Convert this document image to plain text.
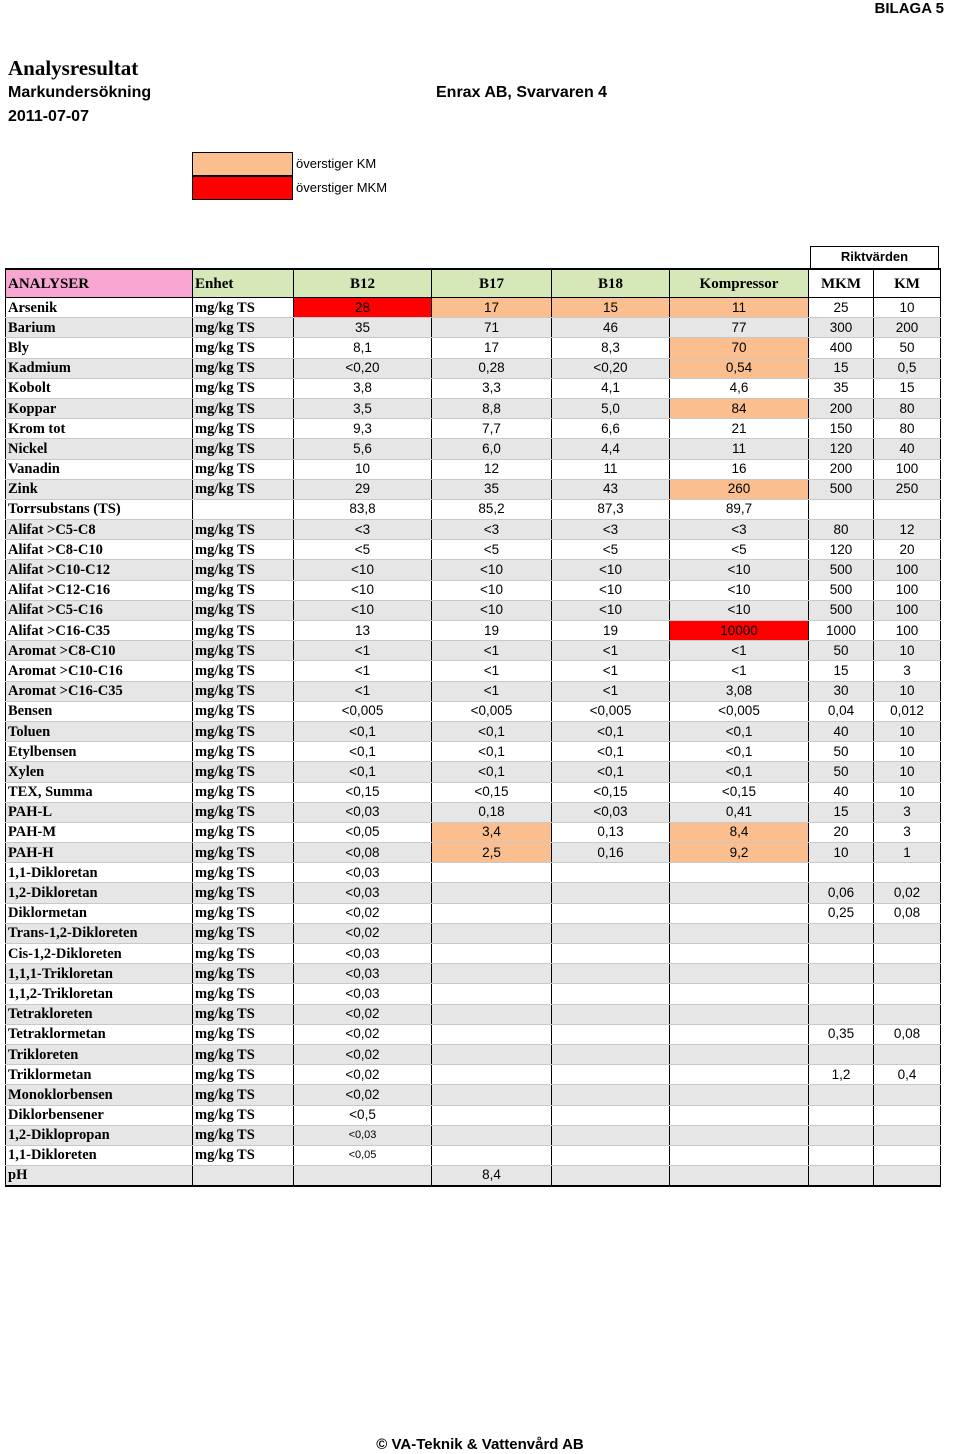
BILAGA 5
Analysresultat
Markundersökning	Enrax AB, Svarvaren 4
2011-07-07
överstiger KM
överstiger MKM
Riktvärden
ANALYSER	Enhet	B12	B17	B18	Kompressor	MKM	KM
Arsenik	mg/kg TS	28	17	15	11	25	10
Barium	mg/kg TS	35	71	46	77	300	200
Bly	mg/kg TS	8,1	17	8,3	70	400	50
Kadmium	mg/kg TS	<0,20	0,28	<0,20	0,54	15	0,5
Kobolt	mg/kg TS	3,8	3,3	4,1	4,6	35	15
Koppar	mg/kg TS	3,5	8,8	5,0	84	200	80
Krom tot	mg/kg TS	9,3	7,7	6,6	21	150	80
Nickel	mg/kg TS	5,6	6,0	4,4	11	120	40
Vanadin	mg/kg TS	10	12	11	16	200	100
Zink	mg/kg TS	29	35	43	260	500	250
Torrsubstans (TS)		83,8	85,2	87,3	89,7		
Alifat >C5-C8	mg/kg TS	<3	<3	<3	<3	80	12
Alifat >C8-C10	mg/kg TS	<5	<5	<5	<5	120	20
Alifat >C10-C12	mg/kg TS	<10	<10	<10	<10	500	100
Alifat >C12-C16	mg/kg TS	<10	<10	<10	<10	500	100
Alifat >C5-C16	mg/kg TS	<10	<10	<10	<10	500	100
Alifat >C16-C35	mg/kg TS	13	19	19	10000	1000	100
Aromat >C8-C10	mg/kg TS	<1	<1	<1	<1	50	10
Aromat >C10-C16	mg/kg TS	<1	<1	<1	<1	15	3
Aromat >C16-C35	mg/kg TS	<1	<1	<1	3,08	30	10
Bensen	mg/kg TS	<0,005	<0,005	<0,005	<0,005	0,04	0,012
Toluen	mg/kg TS	<0,1	<0,1	<0,1	<0,1	40	10
Etylbensen	mg/kg TS	<0,1	<0,1	<0,1	<0,1	50	10
Xylen	mg/kg TS	<0,1	<0,1	<0,1	<0,1	50	10
TEX, Summa	mg/kg TS	<0,15	<0,15	<0,15	<0,15	40	10
PAH-L	mg/kg TS	<0,03	0,18	<0,03	0,41	15	3
PAH-M	mg/kg TS	<0,05	3,4	0,13	8,4	20	3
PAH-H	mg/kg TS	<0,08	2,5	0,16	9,2	10	1
1,1-Dikloretan	mg/kg TS	<0,03					
1,2-Dikloretan	mg/kg TS	<0,03				0,06	0,02
Diklormetan	mg/kg TS	<0,02				0,25	0,08
Trans-1,2-Dikloreten	mg/kg TS	<0,02					
Cis-1,2-Dikloreten	mg/kg TS	<0,03					
1,1,1-Trikloretan	mg/kg TS	<0,03					
1,1,2-Trikloretan	mg/kg TS	<0,03					
Tetrakloreten	mg/kg TS	<0,02					
Tetraklormetan	mg/kg TS	<0,02				0,35	0,08
Trikloreten	mg/kg TS	<0,02					
Triklormetan	mg/kg TS	<0,02				1,2	0,4
Monoklorbensen	mg/kg TS	<0,02					
Diklorbensener	mg/kg TS	<0,5					
1,2-Diklopropan	mg/kg TS	<0,03					
1,1-Dikloreten	mg/kg TS	<0,05					
pH			8,4				
© VA-Teknik & Vattenvård AB
